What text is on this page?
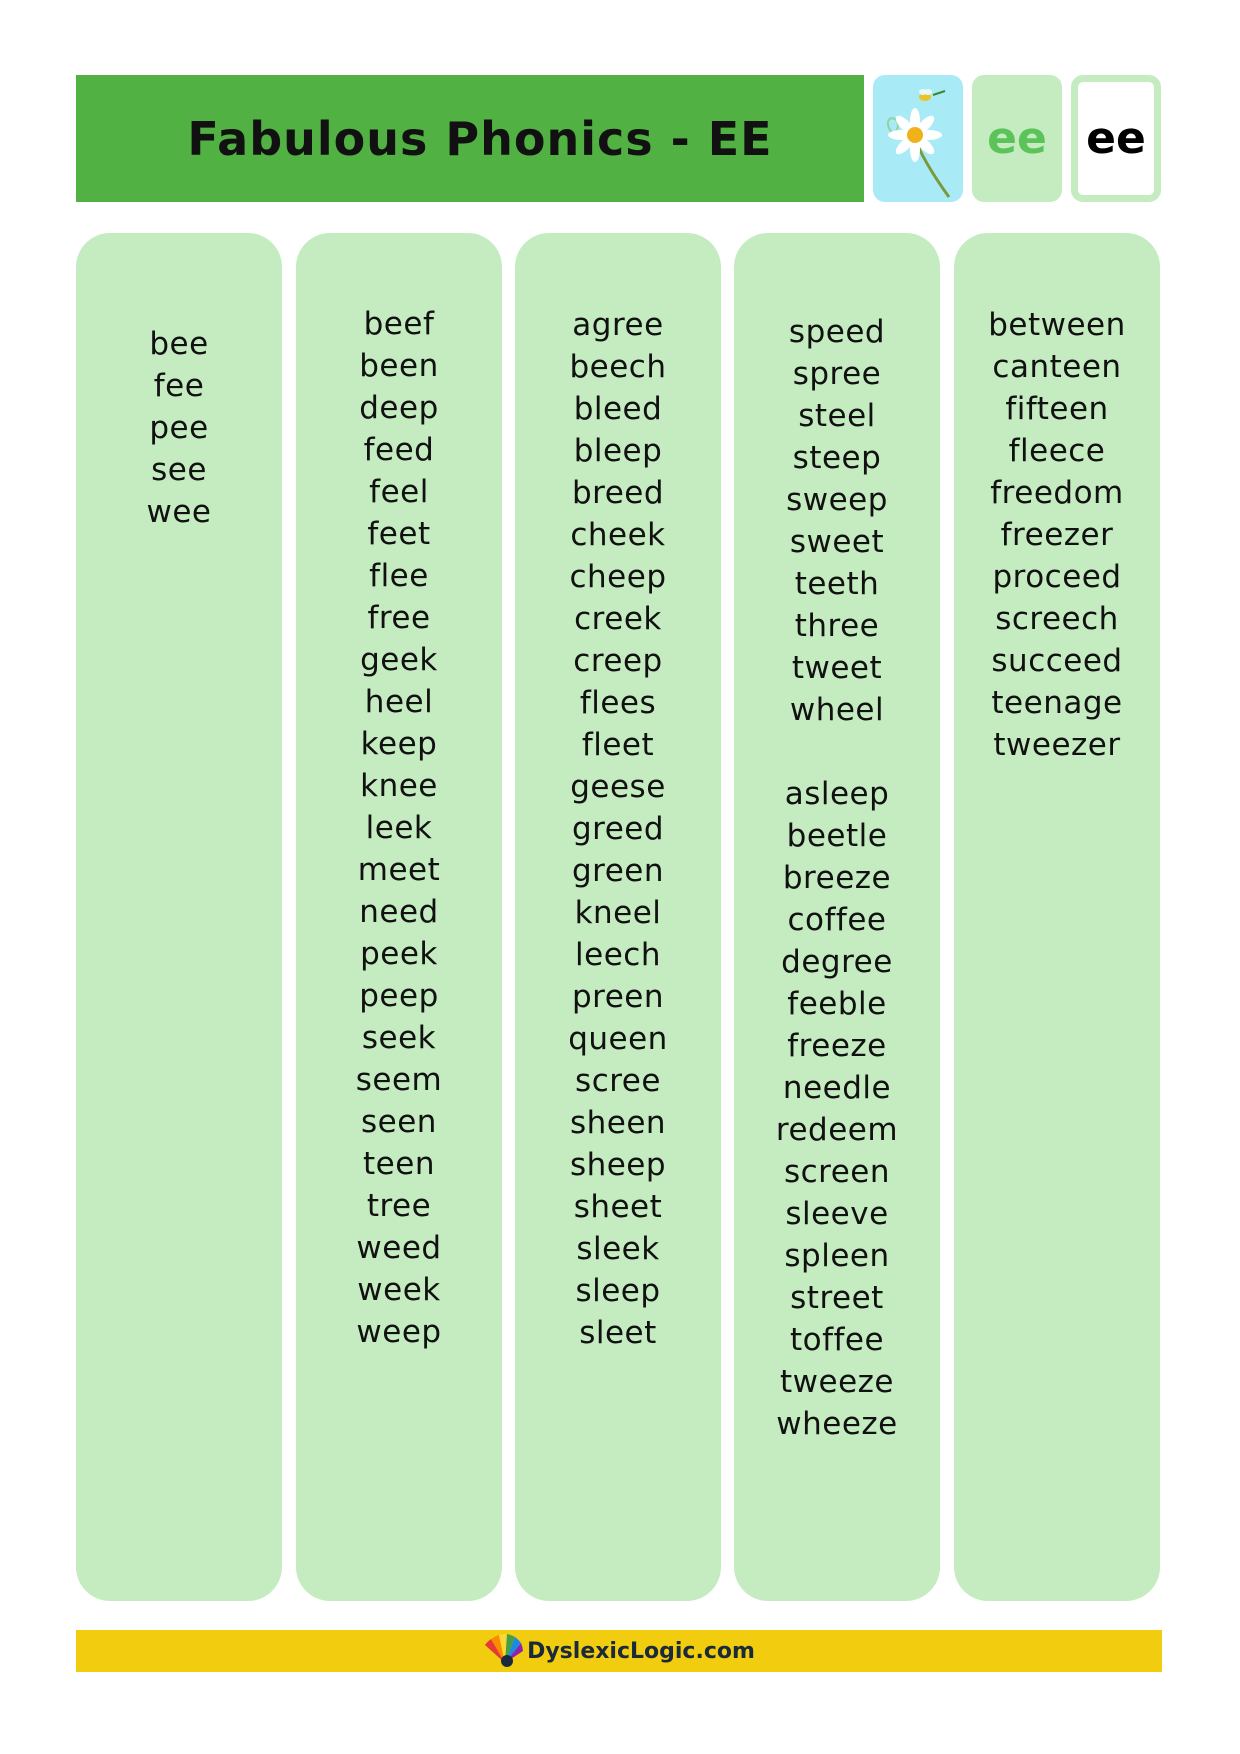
Fabulous Phonics - EE	ee ee
bee
fee
pee
see
wee
beef
been
deep
feed
feel
feet
flee
free
geek
heel
keep
knee
leek
meet
need
peek
peep
seek
seem
seen
teen
tree
weed
week
weep
agree
beech
bleed
bleep
breed
cheek
cheep
creek
creep
flees
fleet
geese
greed
green
kneel
leech
preen
queen
scree
sheen
sheep
sheet
sleek
sleep
sleet
speed
spree
steel
steep
sweep
sweet
teeth
three
tweet
wheel
asleep
beetle
breeze
coffee
degree
feeble
freeze
needle
redeem
screen
sleeve
spleen
street
toffee
tweeze
wheeze
between
canteen
fifteen
fleece
freedom
freezer
proceed
screech
succeed
teenage
tweezer
DyslexicLogic.com
